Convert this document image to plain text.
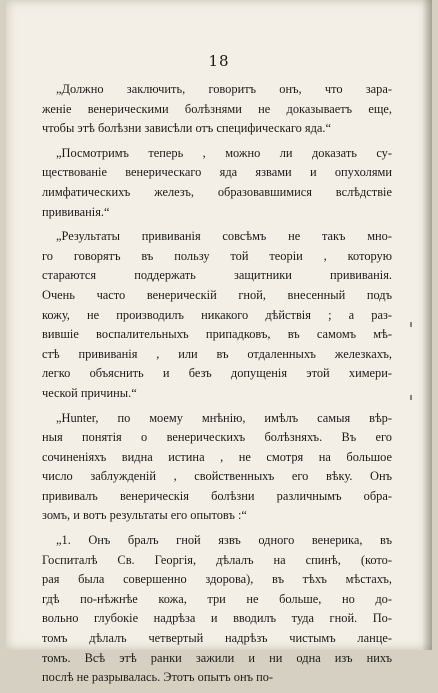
18
„Должно заключить, говоритъ онъ, что зара-
женіе венерическими болѣзнями не доказываетъ еще,
чтобы этѣ болѣзни зависѣли отъ специфическаго яда.“
„Посмотримъ теперь , можно ли доказать су-
ществованіе венерическаго яда язвами и опухолями
лимфатическихъ железъ, образовавшимися вслѣдствіе
прививанія.“
„Результаты прививанія совсѣмъ не такъ мно-
го говорятъ въ пользу той теоріи , которую
стараются поддержать защитники прививанія.
Очень часто венерическій гной, внесенный подъ
кожу, не производилъ никакого дѣйствія ; а раз-
вившіе воспалительныхъ припадковъ, въ самомъ мѣ-
стѣ прививанія , или въ отдаленныхъ железкахъ,
легко объяснить и безъ допущенія этой химери-
ческой причины.“
„Hunter, по моему мнѣнію, имѣлъ самыя вѣр-
ныя понятія о венерическихъ болѣзняхъ. Въ его
сочиненіяхъ видна истина , не смотря на большое
число заблужденій , свойственныхъ его вѣку. Онъ
прививалъ венерическія болѣзни различнымъ обра-
зомъ, и вотъ результаты его опытовъ :“
„1. Онъ бралъ гной язвъ одного венерика, въ
Госпиталѣ Св. Георгія, дѣлалъ на спинѣ, (кото-
рая была совершенно здорова), въ тѣхъ мѣстахъ,
гдѣ по-нѣжнѣе кожа, три не больше, но до-
вольно глубокіе надрѣза и вводилъ туда гной. По-
томъ дѣлалъ четвертый надрѣзъ чистымъ ланце-
томъ. Всѣ этѣ ранки зажили и ни одна изъ нихъ
послѣ не разрывалась. Этотъ опытъ онъ по-
